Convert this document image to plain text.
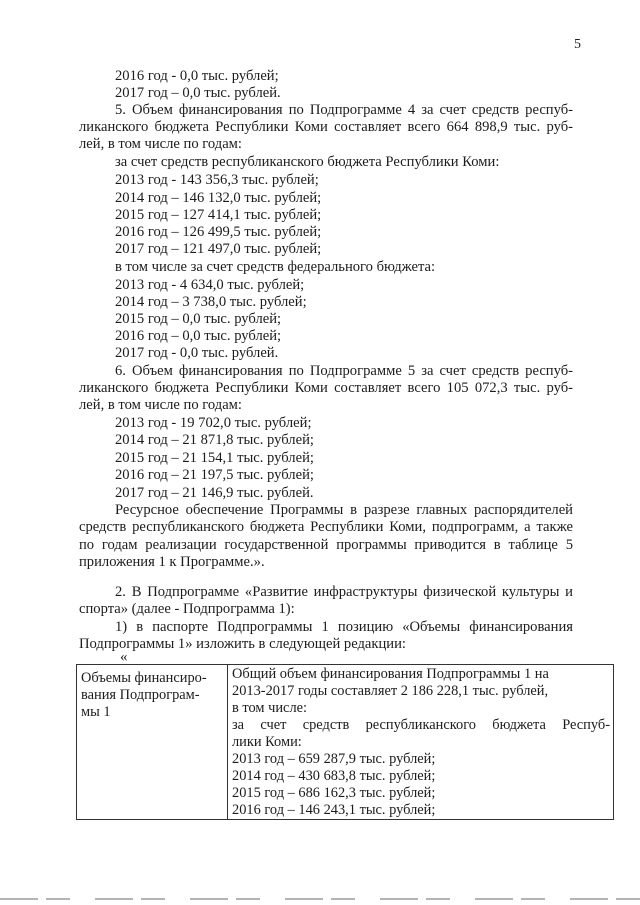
5
2016 год - 0,0 тыс. рублей;
2017 год – 0,0 тыс. рублей.
5. Объем финансирования по Подпрограмме 4 за счет средств респуб-
ликанского бюджета Республики Коми составляет всего 664 898,9 тыс. руб-
лей, в том числе по годам:
за счет средств республиканского бюджета Республики Коми:
2013 год - 143 356,3 тыс. рублей;
2014 год – 146 132,0 тыс. рублей;
2015 год – 127 414,1 тыс. рублей;
2016 год – 126 499,5 тыс. рублей;
2017 год – 121 497,0 тыс. рублей;
в том числе за счет средств федерального бюджета:
2013 год - 4 634,0 тыс. рублей;
2014 год – 3 738,0 тыс. рублей;
2015 год – 0,0 тыс. рублей;
2016 год – 0,0 тыс. рублей;
2017 год - 0,0 тыс. рублей.
6. Объем финансирования по Подпрограмме 5 за счет средств респуб-
ликанского бюджета Республики Коми составляет всего 105 072,3 тыс. руб-
лей, в том числе по годам:
2013 год - 19 702,0 тыс. рублей;
2014 год – 21 871,8 тыс. рублей;
2015 год – 21 154,1 тыс. рублей;
2016 год – 21 197,5 тыс. рублей;
2017 год – 21 146,9 тыс. рублей.
Ресурсное обеспечение Программы в разрезе главных распорядителей
средств республиканского бюджета Республики Коми, подпрограмм, а также
по годам реализации государственной программы приводится в таблице 5
приложения 1 к Программе.».
2. В Подпрограмме «Развитие инфраструктуры физической культуры и
спорта» (далее - Подпрограмма 1):
1) в паспорте Подпрограммы 1 позицию «Объемы финансирования
Подпрограммы 1» изложить в следующей редакции:
«
Объемы финансиро-
вания Подпрограм-
мы 1

Общий объем финансирования Подпрограммы 1 на
2013-2017 годы составляет 2 186 228,1 тыс. рублей,
в том числе:
за счет средств республиканского бюджета Респуб-
лики Коми:
2013 год – 659 287,9 тыс. рублей;
2014 год – 430 683,8 тыс. рублей;
2015 год – 686 162,3 тыс. рублей;
2016 год – 146 243,1 тыс. рублей;
